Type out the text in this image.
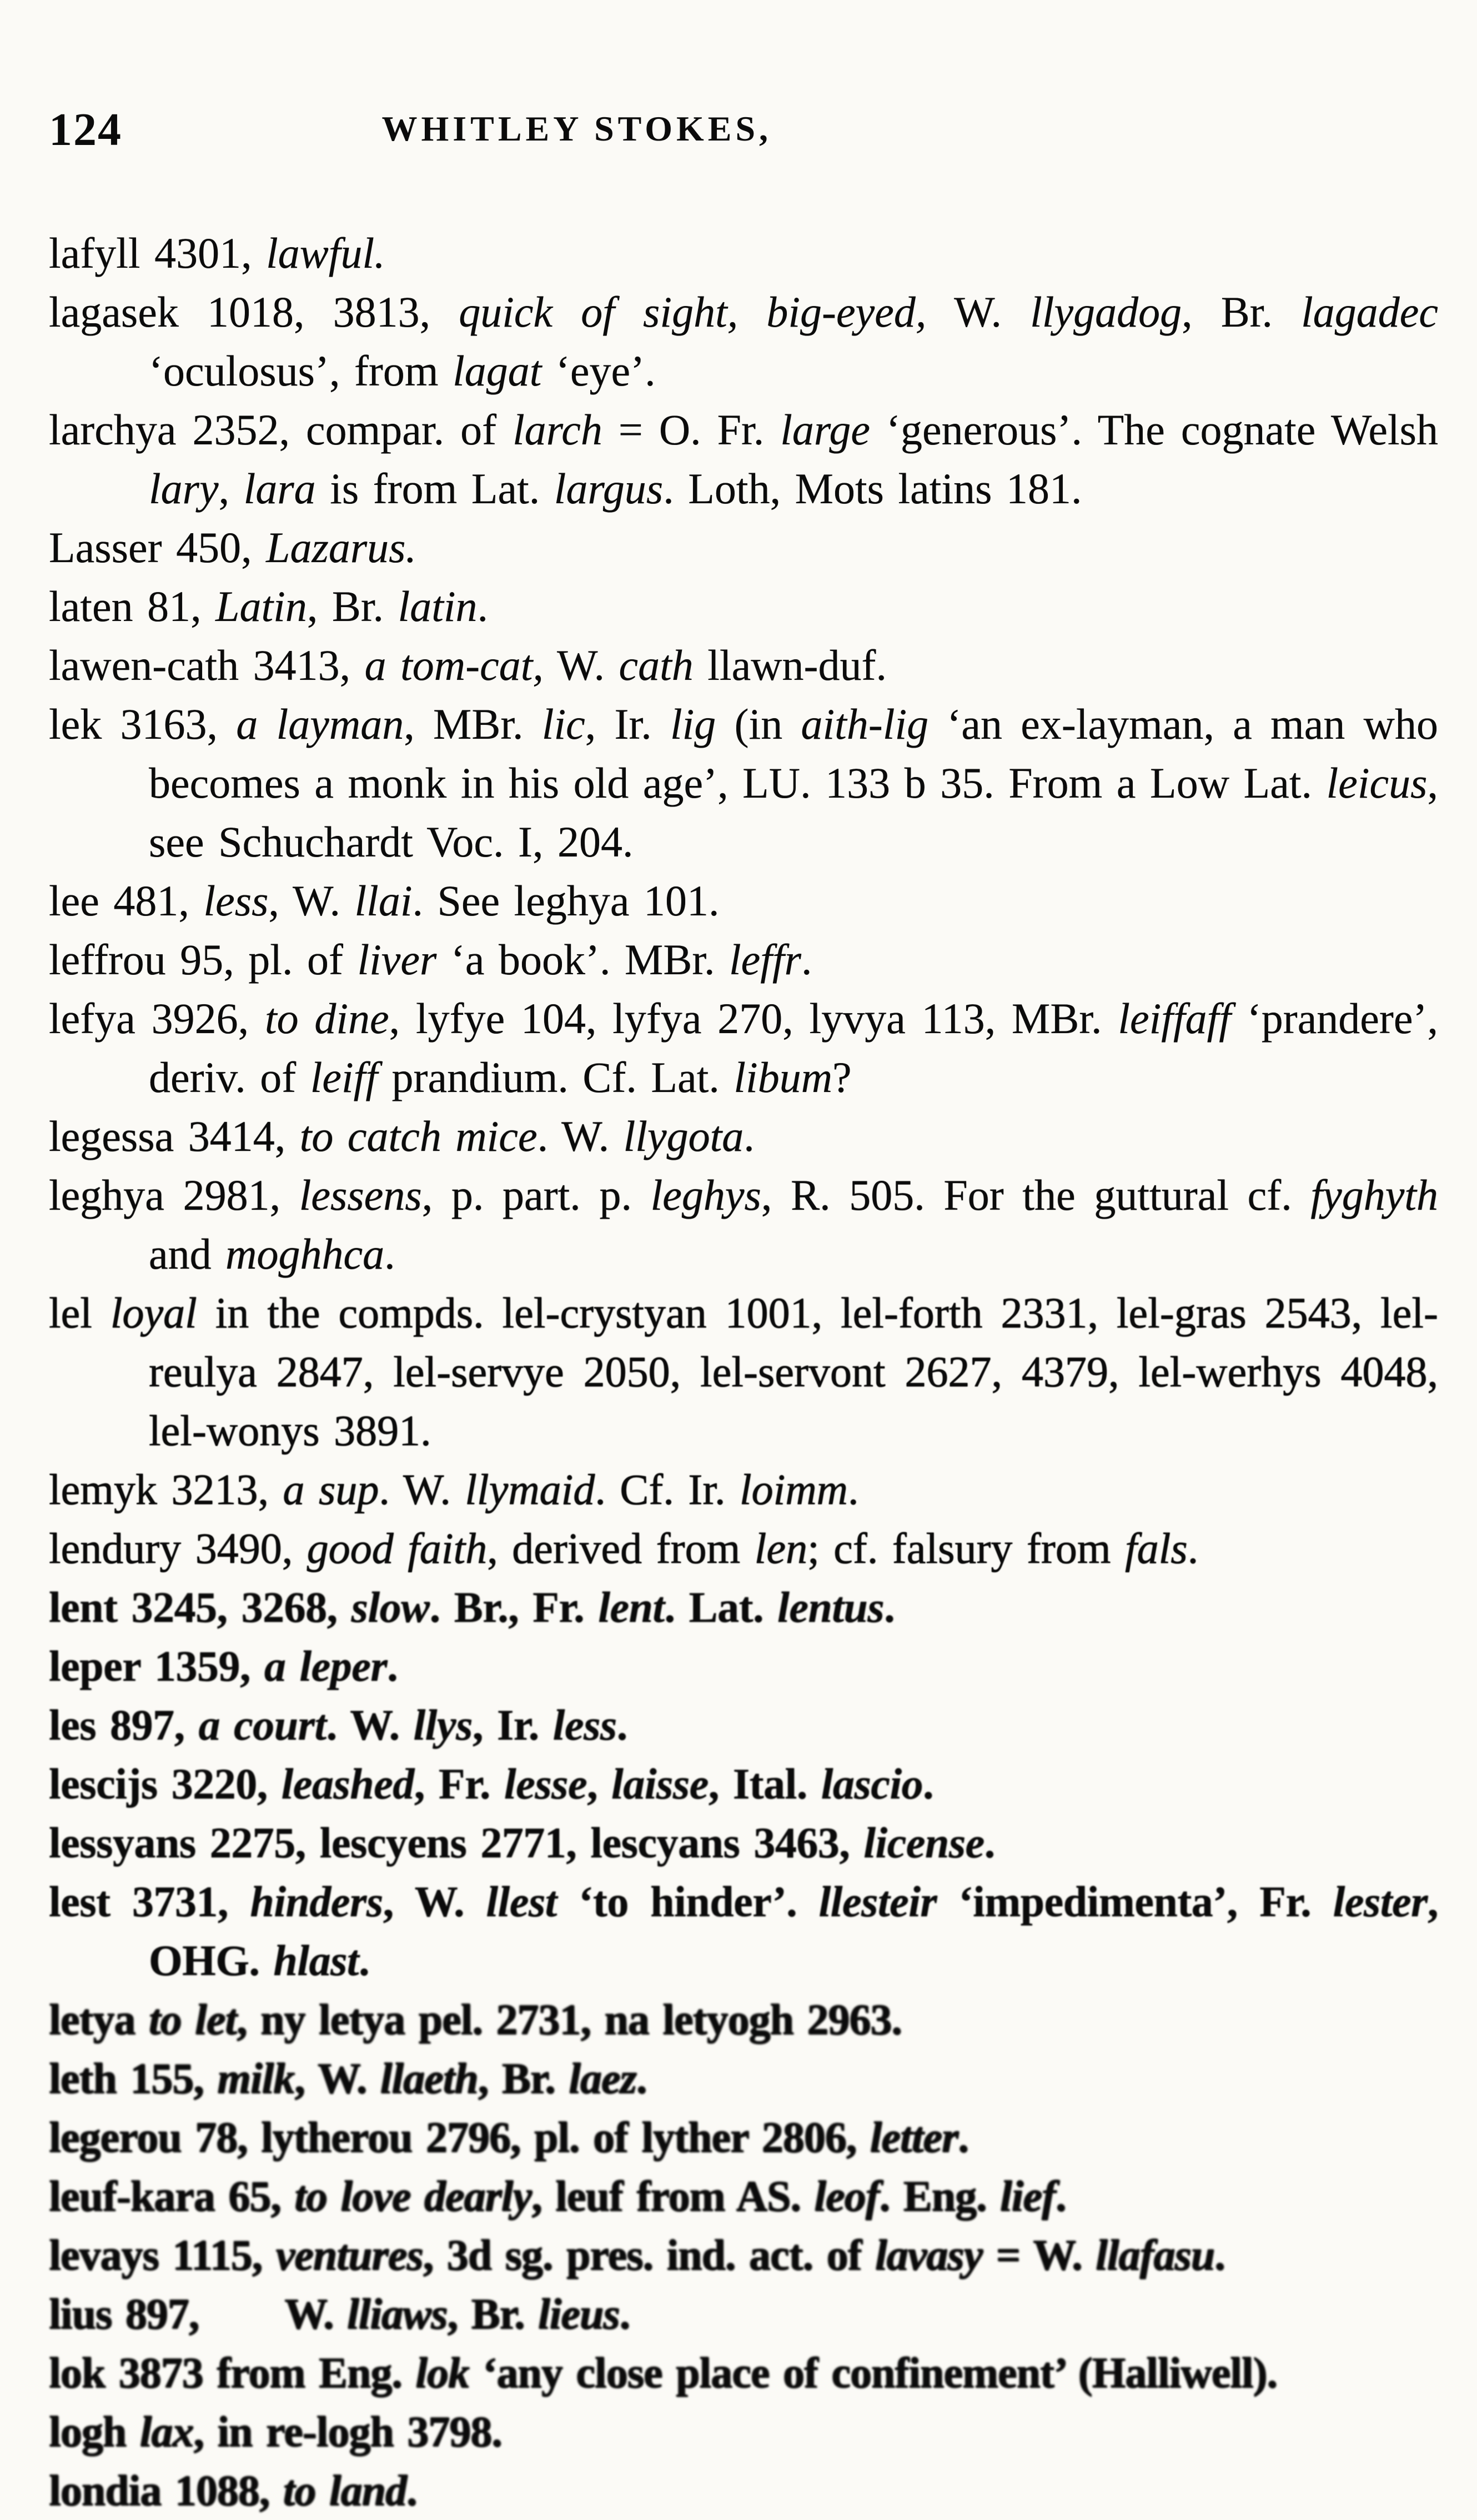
124	WHITLEY STOKES,

lafyll 4301, lawful.

lagasek 1018, 3813, quick of sight, big-eyed, W. llygadog, Br. lagadec ‘oculosus’, from lagat ‘eye’.

larchya 2352, compar. of larch = O. Fr. large ‘generous’. The cognate Welsh lary, lara is from Lat. largus. Loth, Mots latins 181.

Lasser 450, Lazarus.

laten 81, Latin, Br. latin.

lawen-cath 3413, a tom-cat, W. cath llawn-duf.

lek 3163, a layman, MBr. lic, Ir. lig (in aith-lig ‘an ex-layman, a man who becomes a monk in his old age’, LU. 133 b 35. From a Low Lat. leicus, see Schuchardt Voc. I, 204.

lee 481, less, W. llai. See leghya 101.

leffrou 95, pl. of liver ‘a book’. MBr. leffr.

lefya 3926, to dine, lyfye 104, lyfya 270, lyvya 113, MBr. leiffaff ‘prandere’, deriv. of leiff prandium. Cf. Lat. libum?

legessa 3414, to catch mice. W. llygota.

leghya 2981, lessens, p. part. p. leghys, R. 505. For the guttural cf. fyghyth and moghhca.

lel loyal in the compds. lel-crystyan 1001, lel-forth 2331, lel-gras 2543, lel-reulya 2847, lel-servye 2050, lel-servont 2627, 4379, lel-werhys 4048, lel-wonys 3891.

lemyk 3213, a sup. W. llymaid. Cf. Ir. loimm.

lendury 3490, good faith, derived from len; cf. falsury from fals.

lent 3245, 3268, slow. Br., Fr. lent. Lat. lentus.

leper 1359, a leper.

les 897, a court. W. llys, Ir. less.

lescijs 3220, leashed, Fr. lesse, laisse, Ital. lascio.

lessyans 2275, lescyens 2771, lescyans 3463, license.

lest 3731, hinders, W. llest ‘to hinder’. llesteir ‘impedimenta’, Fr. lester, OHG. hlast.

letya to let, ny letya pel. 2731, na letyogh 2963.

leth 155, milk, W. llaeth, Br. laez.

legerou 78, lytherou 2796, pl. of lyther 2806, letter.

leuf-kara 65, to love dearly, leuf from AS. leof. Eng. lief.

levays 1115, ventures, 3d sg. pres. ind. act. of lavasy = W. llafasu.

lius 897,  W. lliaws, Br. lieus.

lok 3873 from Eng. lok ‘any close place of confinement’ (Halliwell).

logh lax, in re-logh 3798.

londia 1088, to land.
